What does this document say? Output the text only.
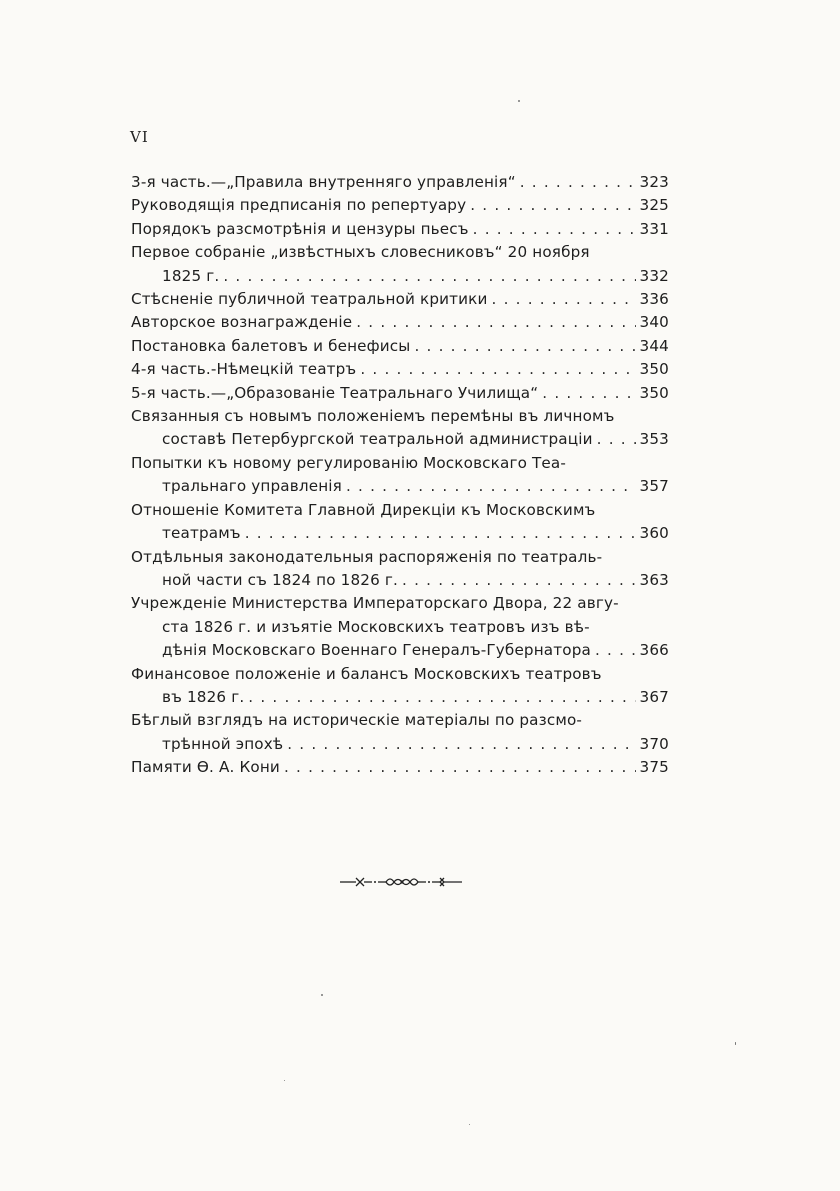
VI
3-я часть.—„Правила внутренняго управленія“ . . .	323
Руководящія предписанія по репертуару . . .	325
Порядокъ разсмотрѣнія и цензуры пьесъ . . .	331
Первое собраніе „извѣстныхъ словесниковъ“ 20 ноября
1825 г. . . .	332
Стѣсненіе публичной театральной критики . . .	336
Авторское вознагражденіе . . .	340
Постановка балетовъ и бенефисы . . .	344
4-я часть.-Нѣмецкій театръ . . .	350
5-я часть.—„Образованіе Театральнаго Училища“ . . .	350
Связанныя съ новымъ положеніемъ перемѣны въ личномъ
составѣ Петербургской театральной администраціи . . .	353
Попытки къ новому регулированію Московскаго Теа-
тральнаго управленія . . .	357
Отношеніе Комитета Главной Дирекціи къ Московскимъ
театрамъ . . .	360
Отдѣльныя законодательныя распоряженія по театраль-
ной части съ 1824 по 1826 г. . . .	363
Учрежденіе Министерства Императорскаго Двора, 22 авгу-
ста 1826 г. и изъятіе Московскихъ театровъ изъ вѣ-
дѣнія Московскаго Военнаго Генералъ-Губернатора . . .	366
Финансовое положеніе и балансъ Московскихъ театровъ
въ 1826 г. . . .	367
Бѣглый взглядъ на историческіе матеріалы по разсмо-
трѣнной эпохѣ . . .	370
Памяти Ѳ. А. Кони . . .	375
